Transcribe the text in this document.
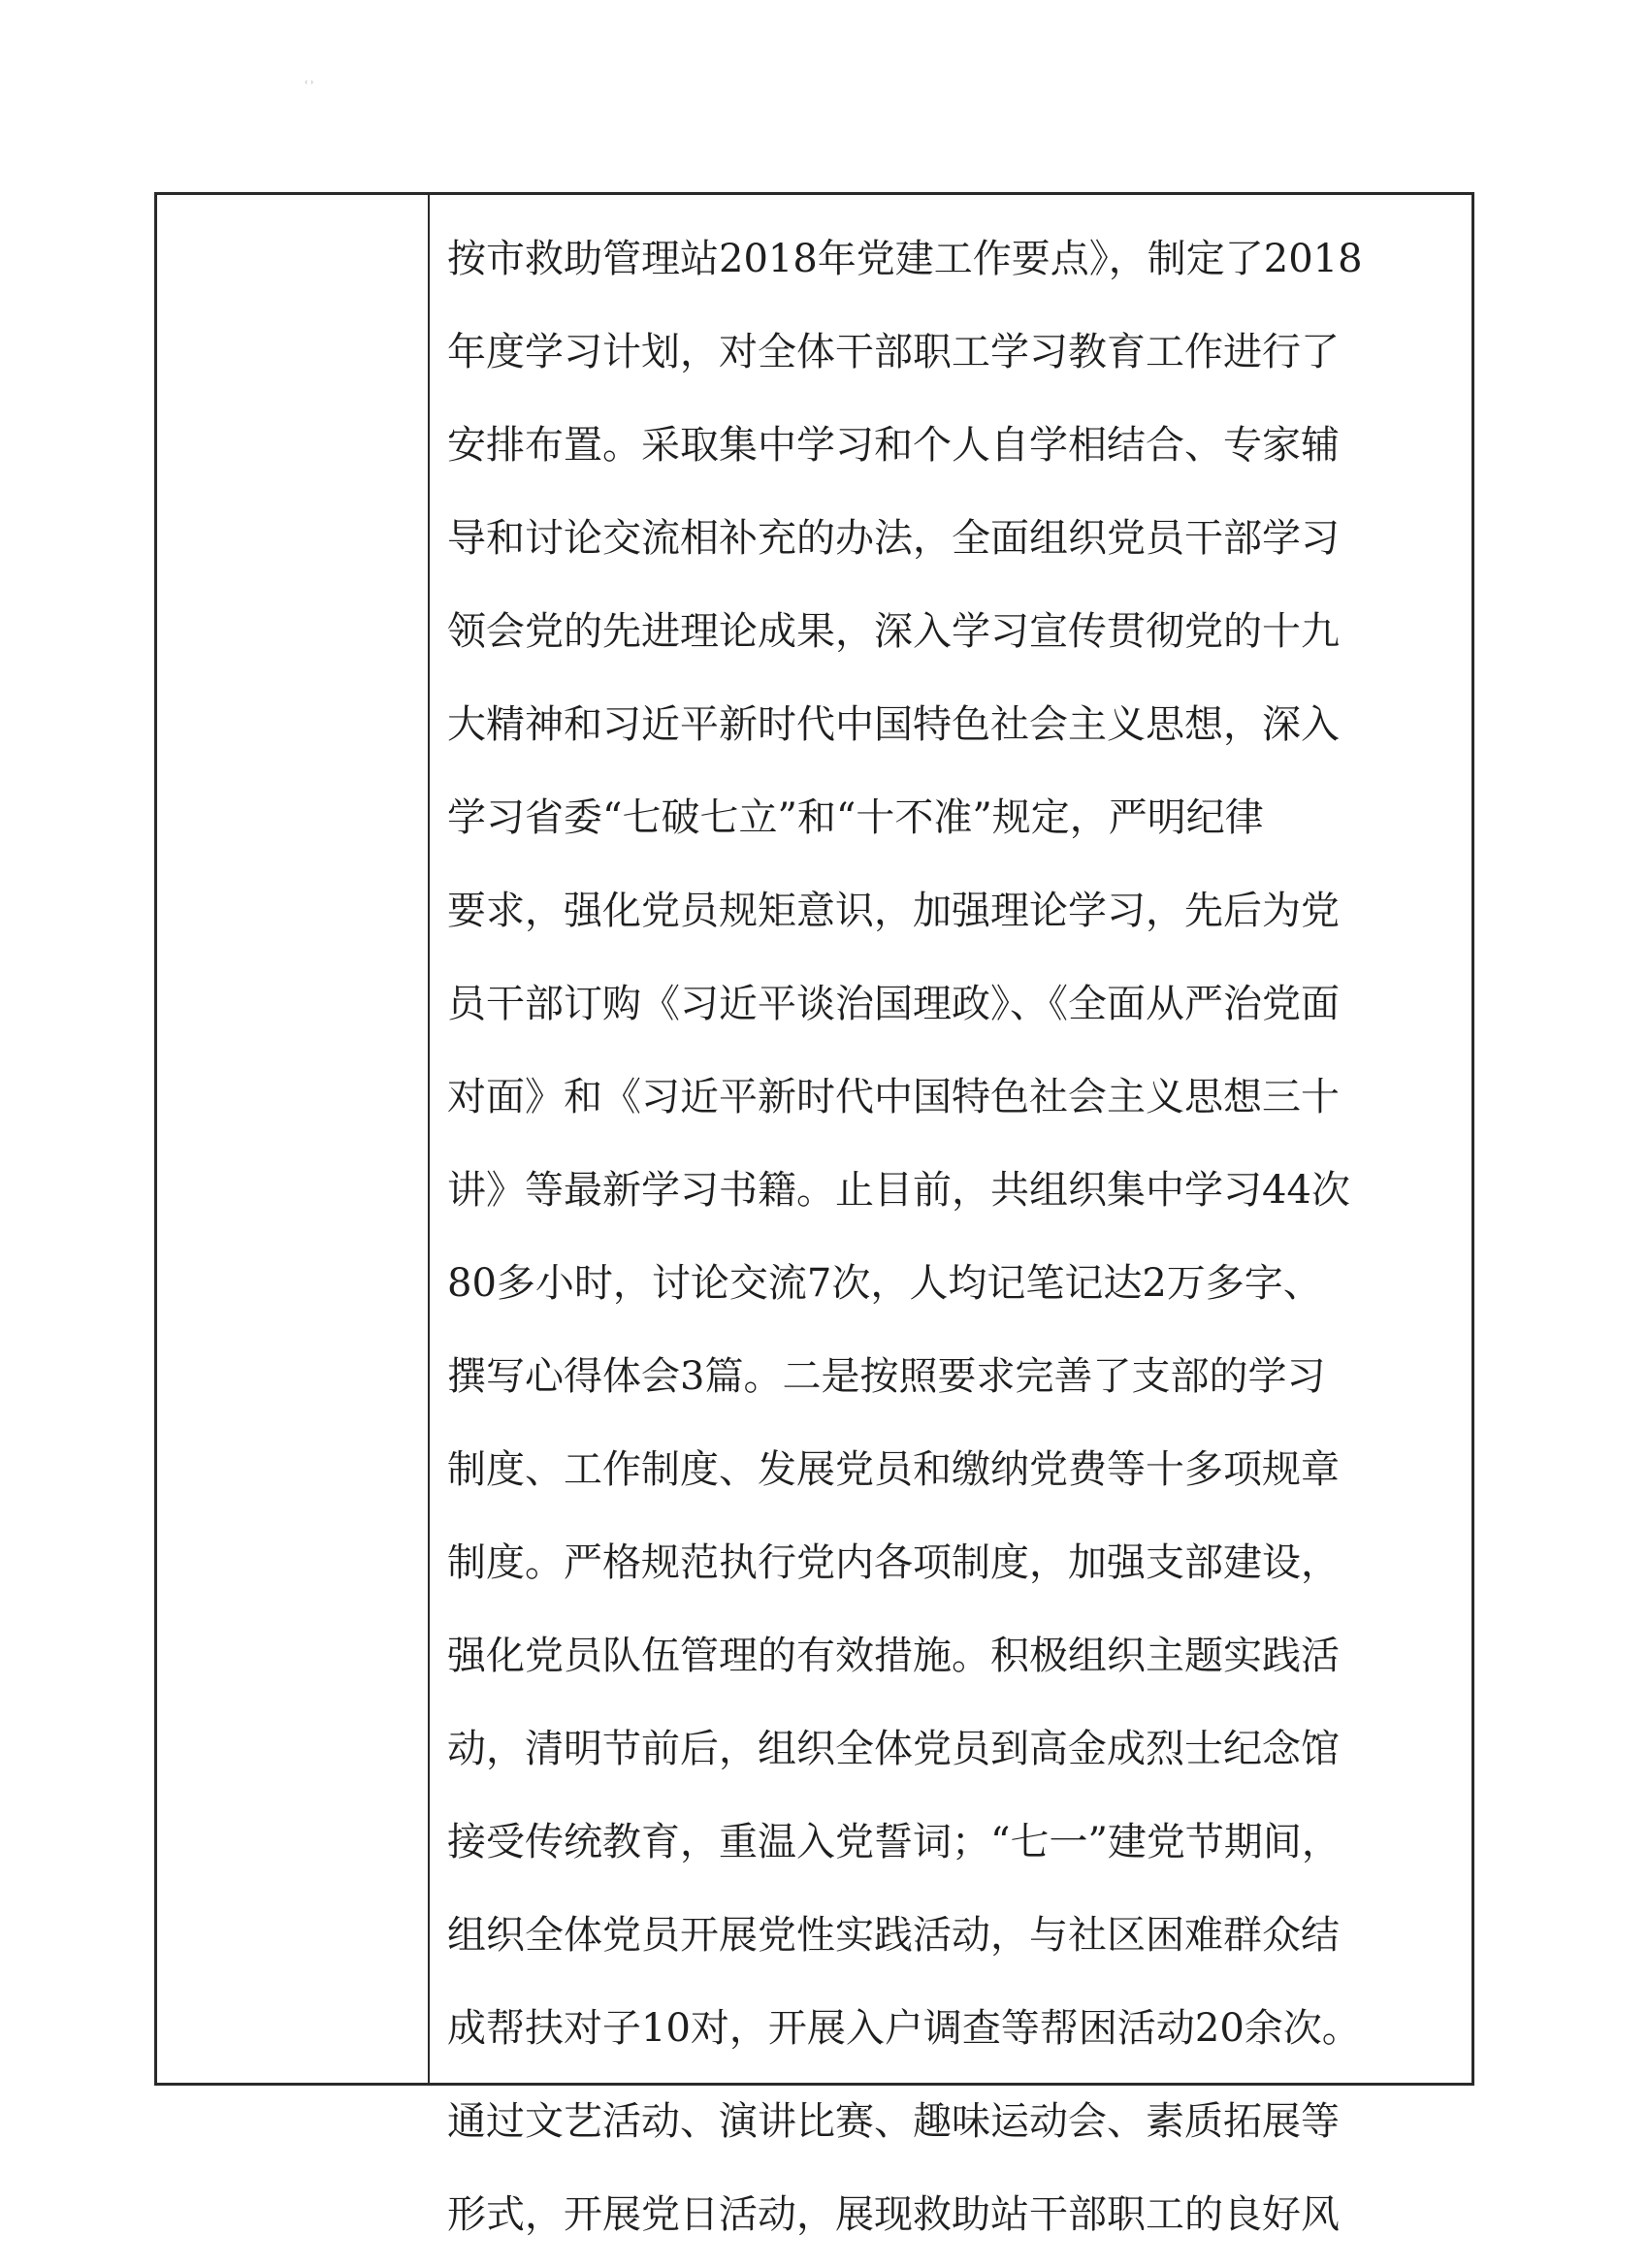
ʿʾ
按市救助管理站2018年党建工作要点》，制定了2018
年度学习计划，对全体干部职工学习教育工作进行了
安排布置。采取集中学习和个人自学相结合、专家辅
导和讨论交流相补充的办法，全面组织党员干部学习
领会党的先进理论成果，深入学习宣传贯彻党的十九
大精神和习近平新时代中国特色社会主义思想，深入
学习省委“七破七立”和“十不准”规定，严明纪律
要求，强化党员规矩意识，加强理论学习，先后为党
员干部订购《习近平谈治国理政》、《全面从严治党面
对面》和《习近平新时代中国特色社会主义思想三十
讲》等最新学习书籍。止目前，共组织集中学习44次
80多小时，讨论交流7次，人均记笔记达2万多字、
撰写心得体会3篇。二是按照要求完善了支部的学习
制度、工作制度、发展党员和缴纳党费等十多项规章
制度。严格规范执行党内各项制度，加强支部建设，
强化党员队伍管理的有效措施。积极组织主题实践活
动，清明节前后，组织全体党员到高金成烈士纪念馆
接受传统教育，重温入党誓词；“七一”建党节期间，
组织全体党员开展党性实践活动，与社区困难群众结
成帮扶对子10对，开展入户调查等帮困活动20余次。
通过文艺活动、演讲比赛、趣味运动会、素质拓展等
形式，开展党日活动，展现救助站干部职工的良好风
